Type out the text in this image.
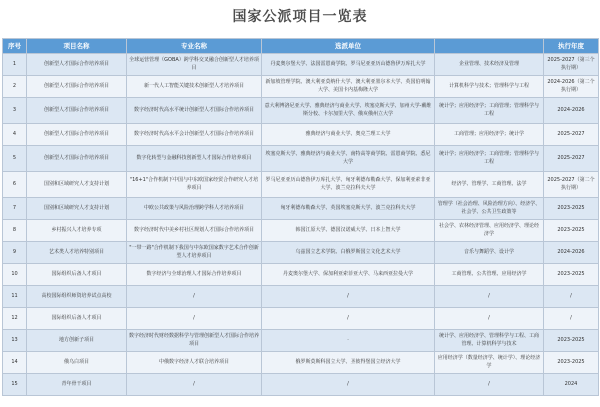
国家公派项目一览表
序号	项目名称	专业名称	选派单位		执行年度
1	创新型人才国际合作培养项目	全球运营管理（GOBA）跨学科交叉融合创新型人才培养项目	丹麦奥尔堡大学、法国雷恩商学院、罗马尼亚亚历山德鲁伊万库扎大学	企业管理、技术经济及管理	2025-2027（第三个执行期）
2	创新型人才国际合作培养项目	新一代人工智能关键技术创新型人才培养项目	新加坡管理学院、澳大利亚莫纳什大学、澳大利亚墨尔本大学、英国伯明翰大学、美国卡内基梅隆大学	计算机科学与技术；管理科学与工程	2024-2026（第二个执行期）
3	创新型人才国际合作培养项目	数字经济时代高水平统计创新型人才国际合作培养项目	意大利博洛尼亚大学、雅典经济与商业大学、埃塞克斯大学、加州大学-戴维斯分校、卡尔加里大学、俄亥俄州立大学	统计学；应用经济学；工商管理；管理科学与工程	2024-2026
4	创新型人才国际合作培养项目	数字经济时代高水平会计创新型人才国际合作培养项目	雅典经济与商业大学、奥克兰理工大学	工商管理；应用经济学；统计学	2025-2027
5	创新型人才国际合作培养项目	数字化转型与金融科技创新型人才国际合作培养项目	埃塞克斯大学、雅典经济与商业大学、南特高等商学院、雷恩商学院、悉尼大学	统计学；应用经济学；工商管理；管理科学与工程	2025-2027
6	国别和区域研究人才支持计划	"16+1"合作机制下中国与中东欧国家经贸合作研究人才培养项目	罗马尼亚亚历山德鲁伊万库扎大学、匈牙利德布勒森大学、保加利亚索非亚大学、波兰克拉科夫大学	经济学、管理学、工商管理、法学	2025-2027（第二个执行期）
7	国别和区域研究人才支持计划	中欧公共政策与风险治理跨学科人才培养项目	匈牙利德布勒森大学、英国埃塞克斯大学、波兰克拉科夫大学	管理学（社会治理、风险治理方向）、经济学、社会学、公共卫生政策等	2023-2025
8	乡村振兴人才培养专项	数字经济时代中美乡村社区规划人才国际合作培养项目	韩国江原大学、德国汉诺威大学、日本上智大学	社会学、农林经济管理、应用经济学、理论经济学	2023-2025
9	艺术类人才培养特别项目	"一带一路"合作机制下我国与中东欧国家数字艺术合作创新型人才培养项目	乌兹国立艺术学院、白俄罗斯国立文化艺术大学	音乐与舞蹈学、设计学	2024-2026
10	国际组织后备人才项目	数字经济与全球治理人才国际合作培养项目	丹麦奥尔堡大学、保加利亚索菲亚大学、马来西亚拉曼大学	工商管理、公共管理、应用经济学	2023-2025
11	高校国际组织师资培养试点高校	/	/	/	/
12	国际组织后备人才项目	/	/	/	/
13	地方创新子项目	数字经济时代财经数据科学与管理创新型人才国际合作培养项目	·	统计学、应用经济学、管理科学与工程、工商管理、计算机科学与技术	2023-2025
14	俄乌白项目	中俄数字经济人才联合培养项目	俄罗斯莫斯科国立大学、圣彼得堡国立经济大学	应用经济学（数量经济学、统计学）、理论经济学	2023-2025
15	青年骨干项目	/	/	/	2024
